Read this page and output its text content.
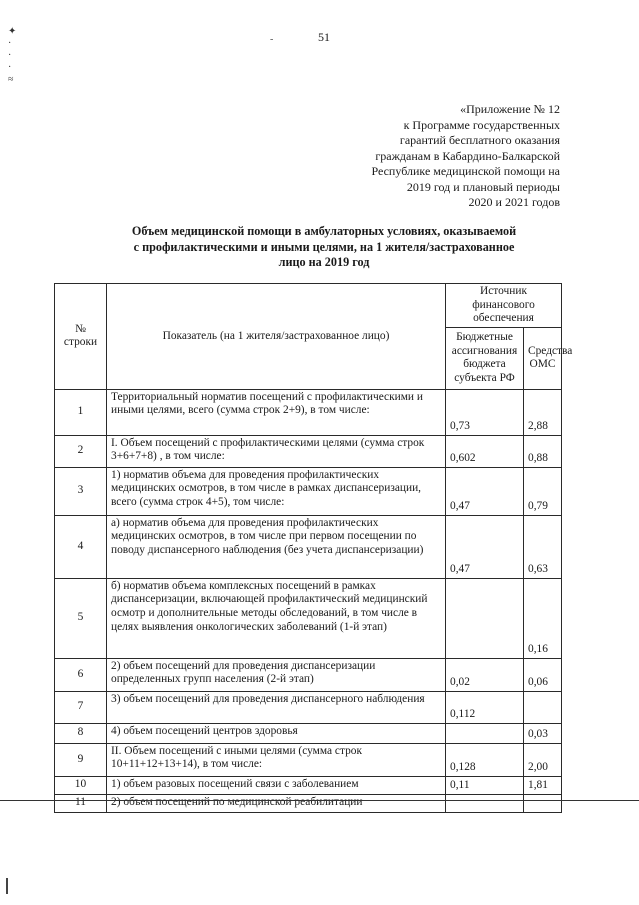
51
-
✦
·
·
·
≈
«Приложение № 12
к Программе государственных
гарантий бесплатного оказания
гражданам в Кабардино-Балкарской
Республике медицинской помощи на
2019 год и плановый периоды
2020 и 2021 годов
Объем медицинской помощи в амбулаторных условиях, оказываемой
с профилактическими и иными целями, на 1 жителя/застрахованное
лицо на 2019 год
№ строки	Показатель (на 1 жителя/застрахованное лицо)	Источник финансового обеспечения	
		Бюджетные ассигнования бюджета субъекта РФ	Средства ОМС
1	Территориальный норматив посещений с профилактическими и иными целями, всего (сумма строк 2+9), в том числе:	0,73	2,88
2	I. Объем посещений с профилактическими целями (сумма строк 3+6+7+8) , в том числе:	0,602	0,88
3	1) норматив объема для проведения профилактических медицинских осмотров, в том числе в рамках диспансеризации, всего (сумма строк 4+5), том числе:	0,47	0,79
4	а) норматив объема для проведения профилактических медицинских осмотров, в том числе при первом посещении по поводу диспансерного наблюдения (без учета диспансеризации)	0,47	0,63
5	б) норматив объема комплексных посещений в рамках диспансеризации, включающей профилактический медицинский осмотр и дополнительные методы обследований, в том числе в целях выявления онкологических заболеваний (1-й этап)		0,16
6	2) объем посещений для проведения диспансеризации определенных групп населения (2-й этап)	0,02	0,06
7	3) объем посещений для проведения диспансерного наблюдения	0,112	
8	4) объем посещений центров здоровья		0,03
9	II. Объем посещений с иными целями (сумма строк 10+11+12+13+14), в том числе:	0,128	2,00
10	1) объем разовых посещений связи с заболеванием	0,11	1,81
11	2) объем посещений по медицинской реабилитации		
